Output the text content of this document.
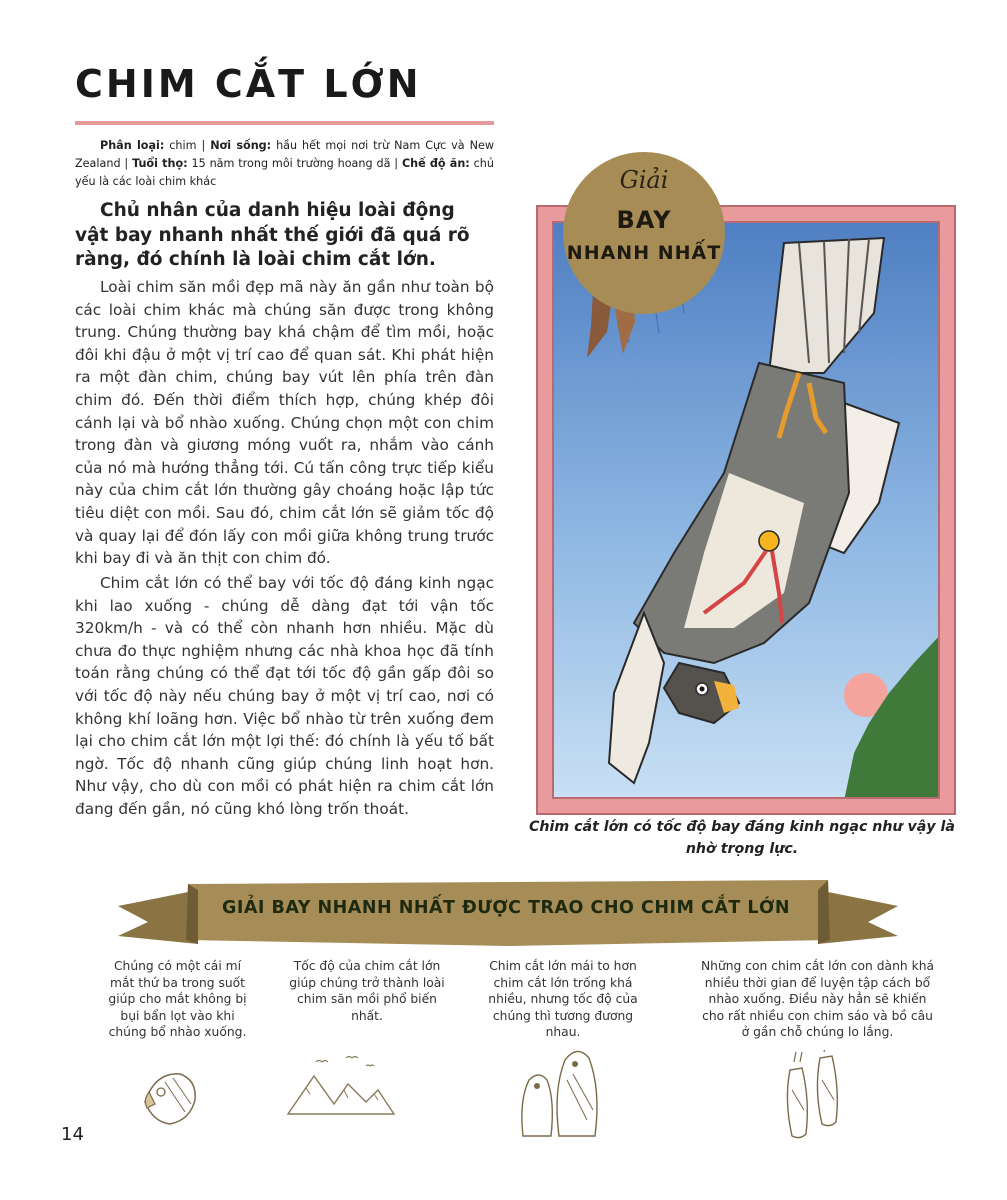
CHIM CẮT LỚN
Phân loại: chim | Nơi sống: hầu hết mọi nơi trừ Nam Cực và New Zealand | Tuổi thọ: 15 năm trong môi trường hoang dã | Chế độ ăn: chủ yếu là các loài chim khác
Chủ nhân của danh hiệu loài động vật bay nhanh nhất thế giới đã quá rõ ràng, đó chính là loài chim cắt lớn.

Loài chim săn mồi đẹp mã này ăn gần như toàn bộ các loài chim khác mà chúng săn được trong không trung. Chúng thường bay khá chậm để tìm mồi, hoặc đôi khi đậu ở một vị trí cao để quan sát. Khi phát hiện ra một đàn chim, chúng bay vút lên phía trên đàn chim đó. Đến thời điểm thích hợp, chúng khép đôi cánh lại và bổ nhào xuống. Chúng chọn một con chim trong đàn và giương móng vuốt ra, nhắm vào cánh của nó mà hướng thẳng tới. Cú tấn công trực tiếp kiểu này của chim cắt lớn thường gây choáng hoặc lập tức tiêu diệt con mồi. Sau đó, chim cắt lớn sẽ giảm tốc độ và quay lại để đón lấy con mồi giữa không trung trước khi bay đi và ăn thịt con chim đó.

Chim cắt lớn có thể bay với tốc độ đáng kinh ngạc khi lao xuống - chúng dễ dàng đạt tới vận tốc 320km/h - và có thể còn nhanh hơn nhiều. Mặc dù chưa đo thực nghiệm nhưng các nhà khoa học đã tính toán rằng chúng có thể đạt tới tốc độ gần gấp đôi so với tốc độ này nếu chúng bay ở một vị trí cao, nơi có không khí loãng hơn. Việc bổ nhào từ trên xuống đem lại cho chim cắt lớn một lợi thế: đó chính là yếu tố bất ngờ. Tốc độ nhanh cũng giúp chúng linh hoạt hơn. Như vậy, cho dù con mồi có phát hiện ra chim cắt lớn đang đến gần, nó cũng khó lòng trốn thoát.

Giải
BAY
NHANH NHẤT
Chim cắt lớn có tốc độ bay đáng kinh ngạc như vậy là nhờ trọng lực.
GIẢI BAY NHANH NHẤT ĐƯỢC TRAO CHO CHIM CẮT LỚN
Chúng có một cái mí mắt thứ ba trong suốt giúp cho mắt không bị bụi bẩn lọt vào khi chúng bổ nhào xuống.
Tốc độ của chim cắt lớn giúp chúng trở thành loài chim săn mồi phổ biến nhất.
Chim cắt lớn mái to hơn chim cắt lớn trống khá nhiều, nhưng tốc độ của chúng thì tương đương nhau.
Những con chim cắt lớn con dành khá nhiều thời gian để luyện tập cách bổ nhào xuống. Điều này hẳn sẽ khiến cho rất nhiều con chim sáo và bồ câu ở gần chỗ chúng lo lắng.
14
